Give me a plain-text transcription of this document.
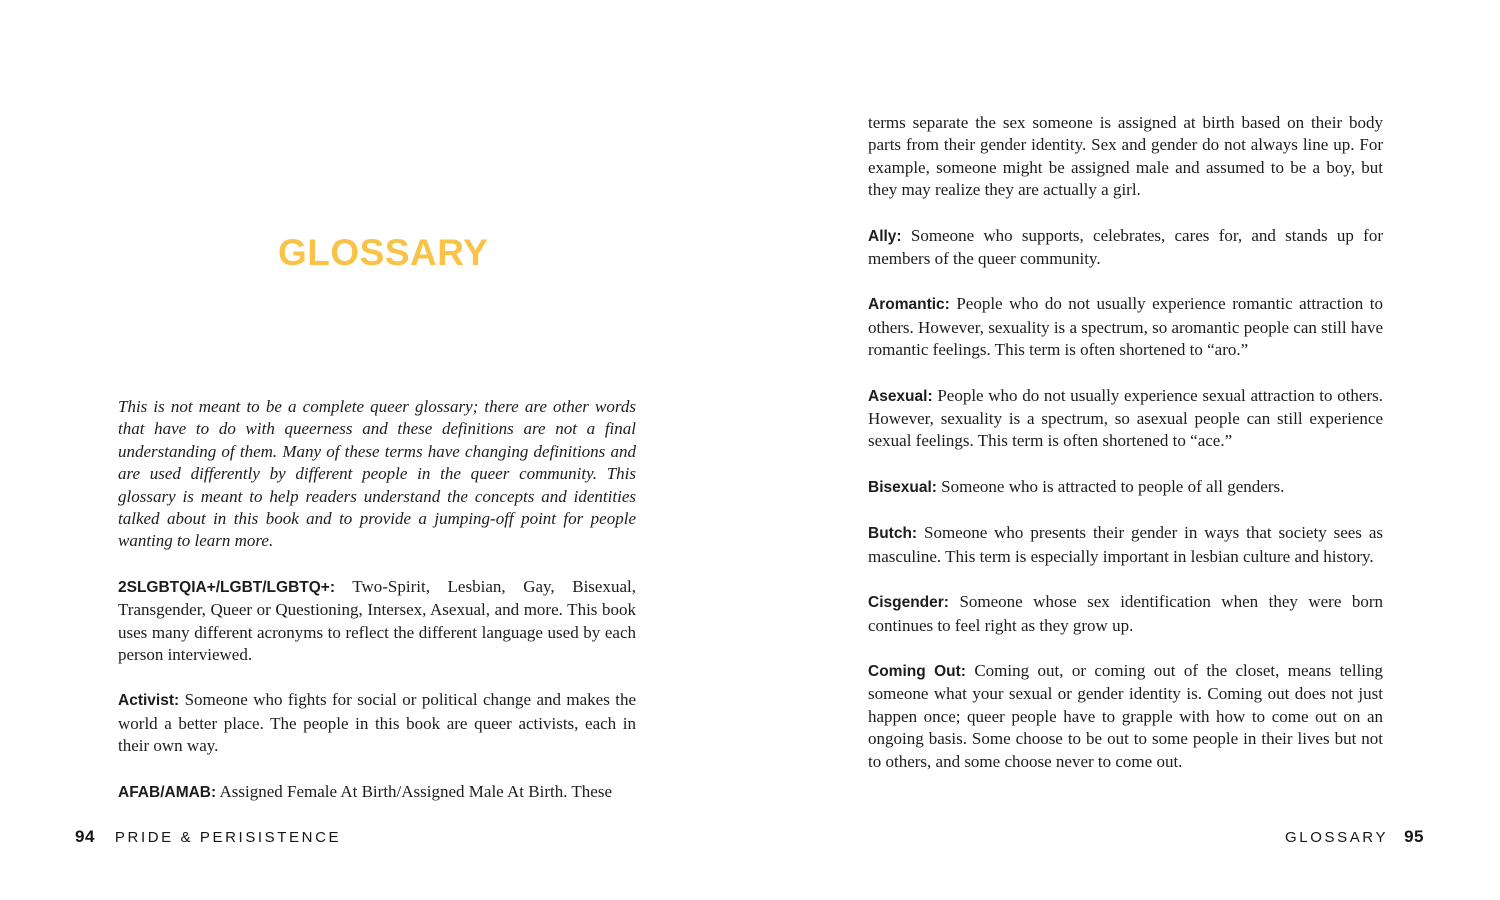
GLOSSARY

This is not meant to be a complete queer glossary; there are other words that have to do with queerness and these definitions are not a final understanding of them. Many of these terms have changing definitions and are used differently by different people in the queer community. This glossary is meant to help readers understand the concepts and identities talked about in this book and to provide a jumping-off point for people wanting to learn more.

2SLGBTQIA+/LGBT/LGBTQ+: Two-Spirit, Lesbian, Gay, Bisexual, Transgender, Queer or Questioning, Intersex, Asexual, and more. This book uses many different acronyms to reflect the different language used by each person interviewed.

Activist: Someone who fights for social or political change and makes the world a better place. The people in this book are queer activists, each in their own way.

AFAB/AMAB: Assigned Female At Birth/Assigned Male At Birth. These

terms separate the sex someone is assigned at birth based on their body parts from their gender identity. Sex and gender do not always line up. For example, someone might be assigned male and assumed to be a boy, but they may realize they are actually a girl.

Ally: Someone who supports, celebrates, cares for, and stands up for members of the queer community.

Aromantic: People who do not usually experience romantic attraction to others. However, sexuality is a spectrum, so aromantic people can still have romantic feelings. This term is often shortened to “aro.”

Asexual: People who do not usually experience sexual attraction to others. However, sexuality is a spectrum, so asexual people can still experience sexual feelings. This term is often shortened to “ace.”

Bisexual: Someone who is attracted to people of all genders.

Butch: Someone who presents their gender in ways that society sees as masculine. This term is especially important in lesbian culture and history.

Cisgender: Someone whose sex identification when they were born continues to feel right as they grow up.

Coming Out: Coming out, or coming out of the closet, means telling someone what your sexual or gender identity is. Coming out does not just happen once; queer people have to grapple with how to come out on an ongoing basis. Some choose to be out to some people in their lives but not to others, and some choose never to come out.

94 PRIDE & PERISISTENCE	GLOSSARY 95
